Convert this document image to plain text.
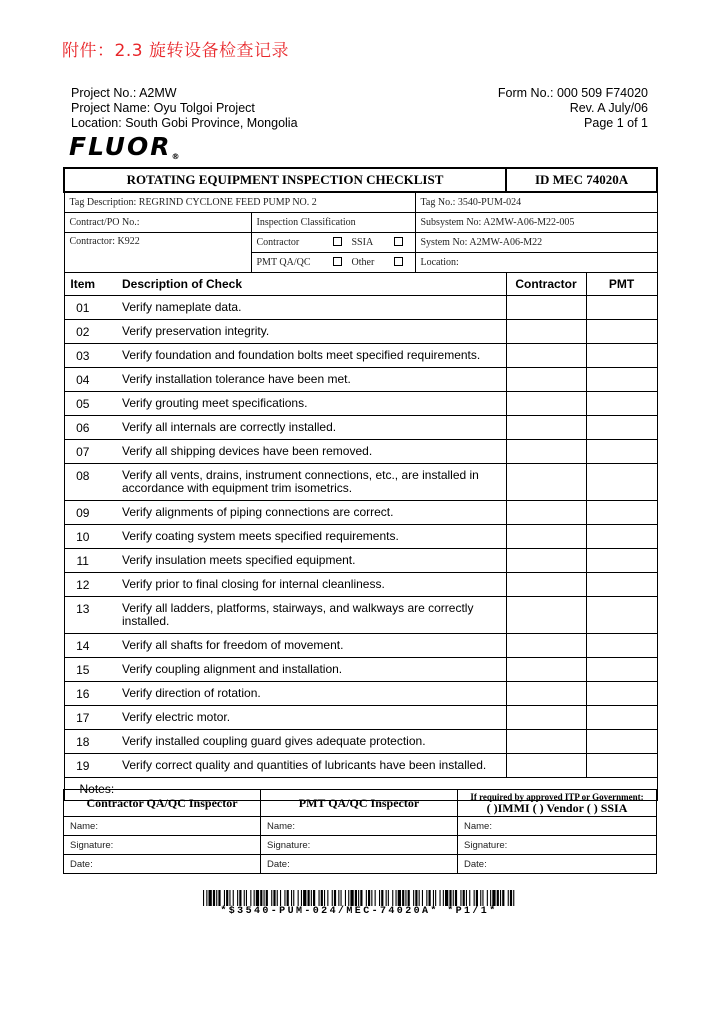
附件：2.3 旋转设备检查记录
Project No.: A2MW
Project Name: Oyu Tolgoi Project
Location: South Gobi Province, Mongolia
Form No.: 000 509 F74020
Rev. A July/06
Page 1 of 1
FLUOR®
ROTATING EQUIPMENT INSPECTION CHECKLIST				ID MEC 74020A	
Tag Description: REGRIND CYCLONE FEED PUMP NO. 2			Tag No.: 3540-PUM-024		
Contract/PO No.:		Inspection Classification	Subsystem No: A2MW-A06-M22-005		
Contractor: K922		Contractor SSIA	System No: A2MW-A06-M22		
		PMT QA/QC Other	Location:		
Item	Description of Check			Contractor	PMT
01	Verify nameplate data.				
02	Verify preservation integrity.				
03	Verify foundation and foundation bolts meet specified requirements.				
04	Verify installation tolerance have been met.				
05	Verify grouting meet specifications.				
06	Verify all internals are correctly installed.				
07	Verify all shipping devices have been removed.				
08	Verify all vents, drains, instrument connections, etc., are installed in accordance with equipment trim isometrics.				
09	Verify alignments of piping connections are correct.				
10	Verify coating system meets specified requirements.				
11	Verify insulation meets specified equipment.				
12	Verify prior to final closing for internal cleanliness.				
13	Verify all ladders, platforms, stairways, and walkways are correctly installed.				
14	Verify all shafts for freedom of movement.				
15	Verify coupling alignment and installation.				
16	Verify direction of rotation.				
17	Verify electric motor.				
18	Verify installed coupling guard gives adequate protection.				
19	Verify correct quality and quantities of lubricants have been installed.				
Notes:					
Contractor QA/QC Inspector	PMT QA/QC Inspector	If required by approved ITP or Government:
( )IMMI ( ) Vendor ( ) SSIA

Name:	Name:	Name:
Signature:	Signature:	Signature:
Date:	Date:	Date:
*$3540-PUM-024/MEC-74020A* *P1/1*
